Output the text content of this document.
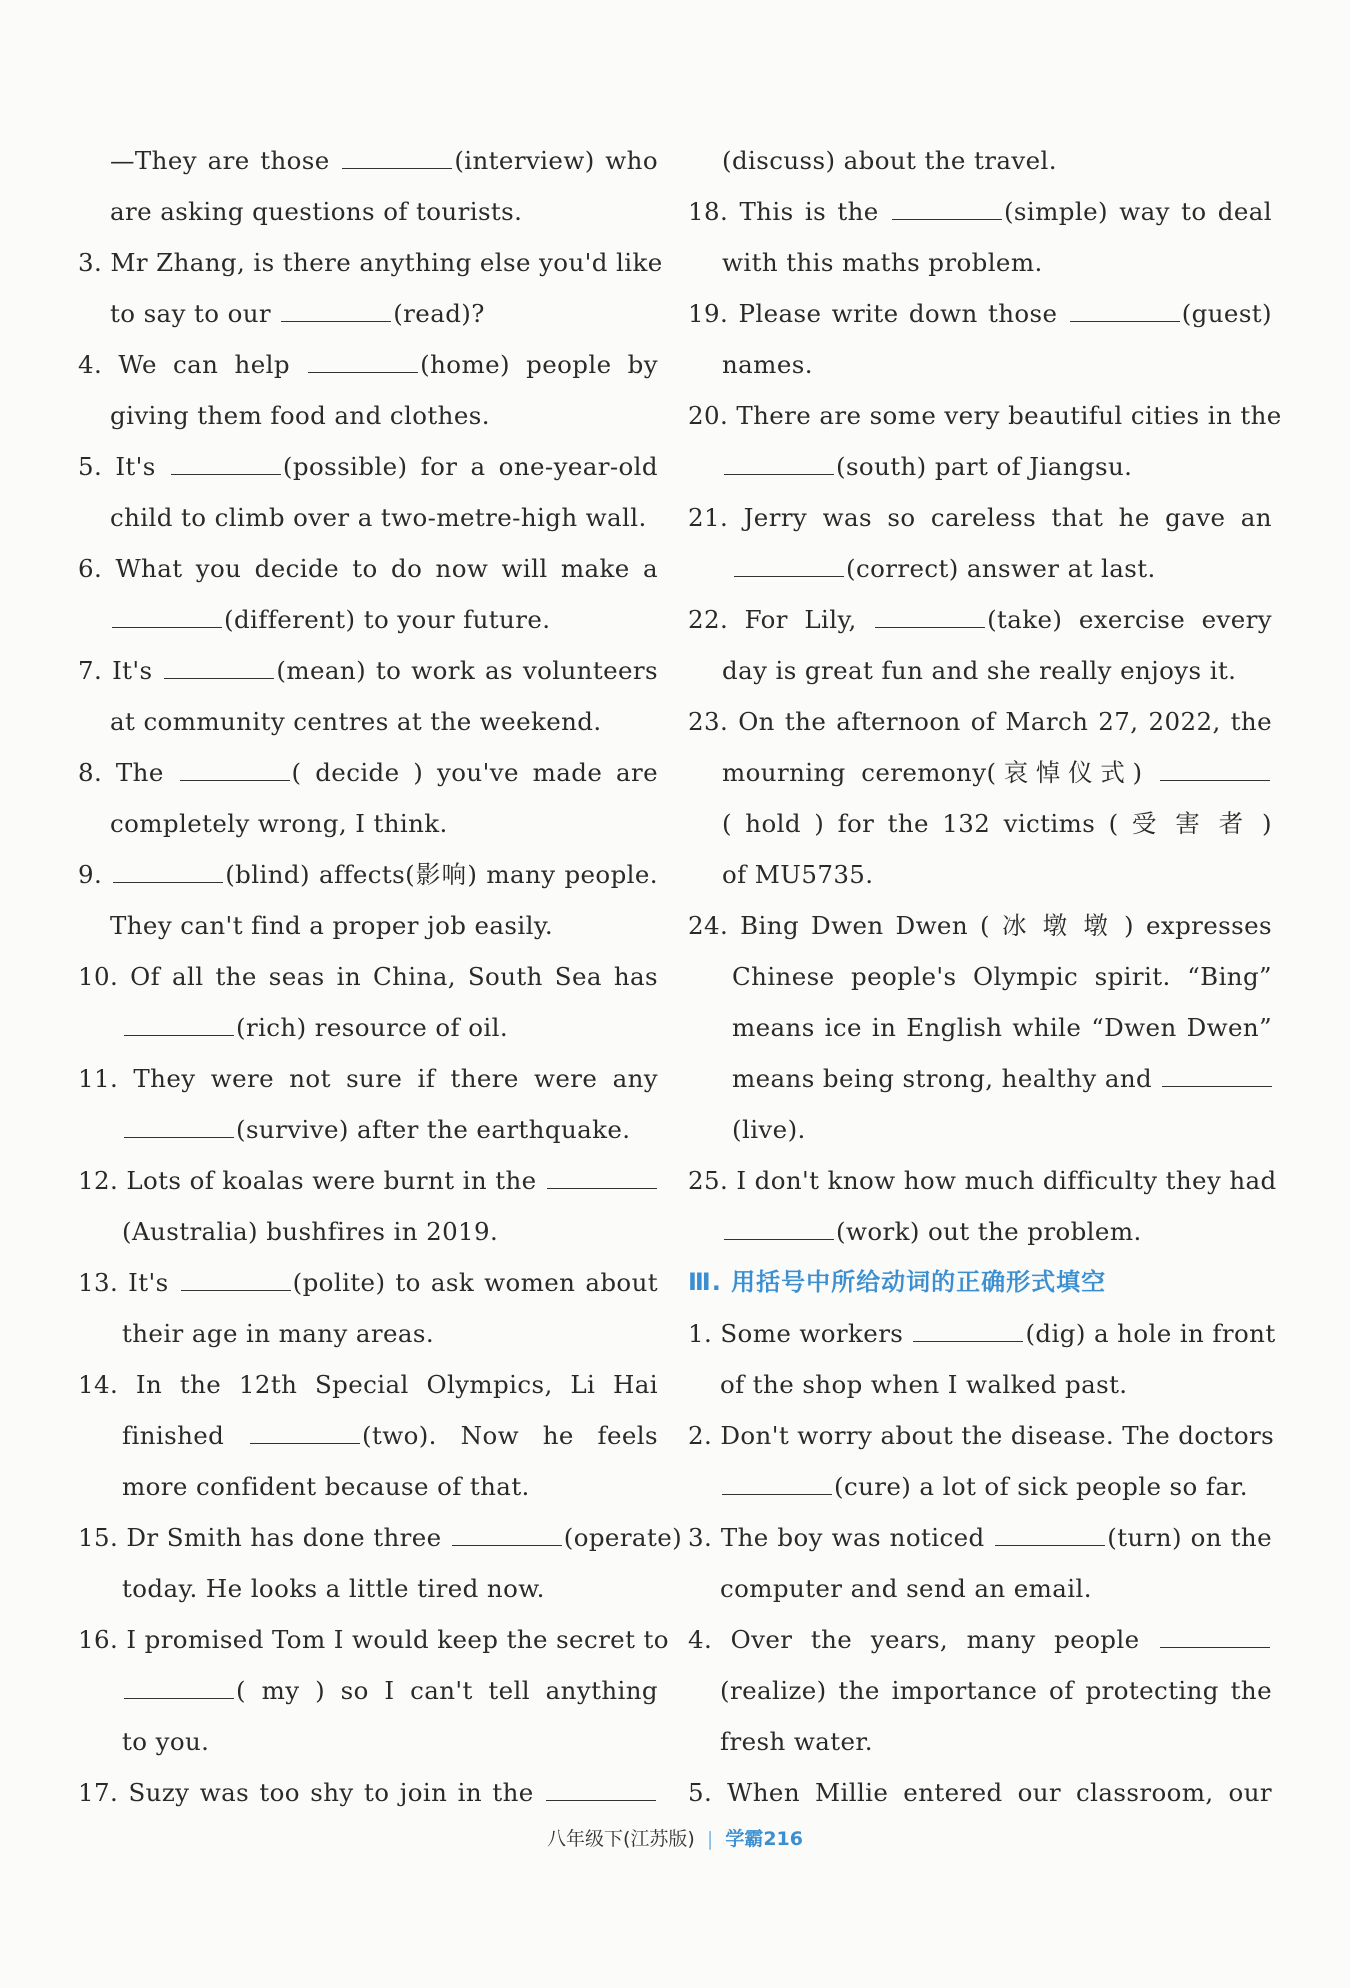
—They are those	(interview) who
are asking questions of tourists.
3. Mr Zhang, is there anything else you'd like
to say to our	(read)?
4. We can help	(home) people by
giving them food and clothes.
5. It's	(possible) for a one-year-old
child to climb over a two-metre-high wall.
6. What you decide to do now will make a
(different) to your future.
7. It's	(mean) to work as volunteers
at community centres at the weekend.
8. The	( decide ) you've made are
completely wrong, I think.
9.	(blind) affects(影响) many people.
They can't find a proper job easily.
10. Of all the seas in China, South Sea has
(rich) resource of oil.
11. They were not sure if there were any
(survive) after the earthquake.
12. Lots of koalas were burnt in the
(Australia) bushfires in 2019.
13. It's	(polite) to ask women about
their age in many areas.
14. In the 12th Special Olympics, Li Hai
finished	(two). Now he feels
more confident because of that.
15. Dr Smith has done three	(operate)
today. He looks a little tired now.
16. I promised Tom I would keep the secret to
( my ) so I can't tell anything
to you.
17. Suzy was too shy to join in the
(discuss) about the travel.
18. This is the	(simple) way to deal
with this maths problem.
19. Please write down those	(guest)
names.
20. There are some very beautiful cities in the
(south) part of Jiangsu.
21. Jerry was so careless that he gave an
(correct) answer at last.
22. For Lily,	(take) exercise every
day is great fun and she really enjoys it.
23. On the afternoon of March 27, 2022, the
mourning ceremony(哀悼仪式)
( hold ) for the 132 victims ( 受 害 者 )
of MU5735.
24. Bing Dwen Dwen ( 冰 墩 墩 ) expresses
Chinese people's Olympic spirit. “Bing”
means ice in English while “Dwen Dwen”
means being strong, healthy and
(live).
25. I don't know how much difficulty they had
(work) out the problem.
Ⅲ. 用括号中所给动词的正确形式填空
1. Some workers	(dig) a hole in front
of the shop when I walked past.
2. Don't worry about the disease. The doctors
(cure) a lot of sick people so far.
3. The boy was noticed	(turn) on the
computer and send an email.
4. Over the years, many people
(realize) the importance of protecting the
fresh water.
5. When Millie entered our classroom, our
八年级下(江苏版) | 学霸216
